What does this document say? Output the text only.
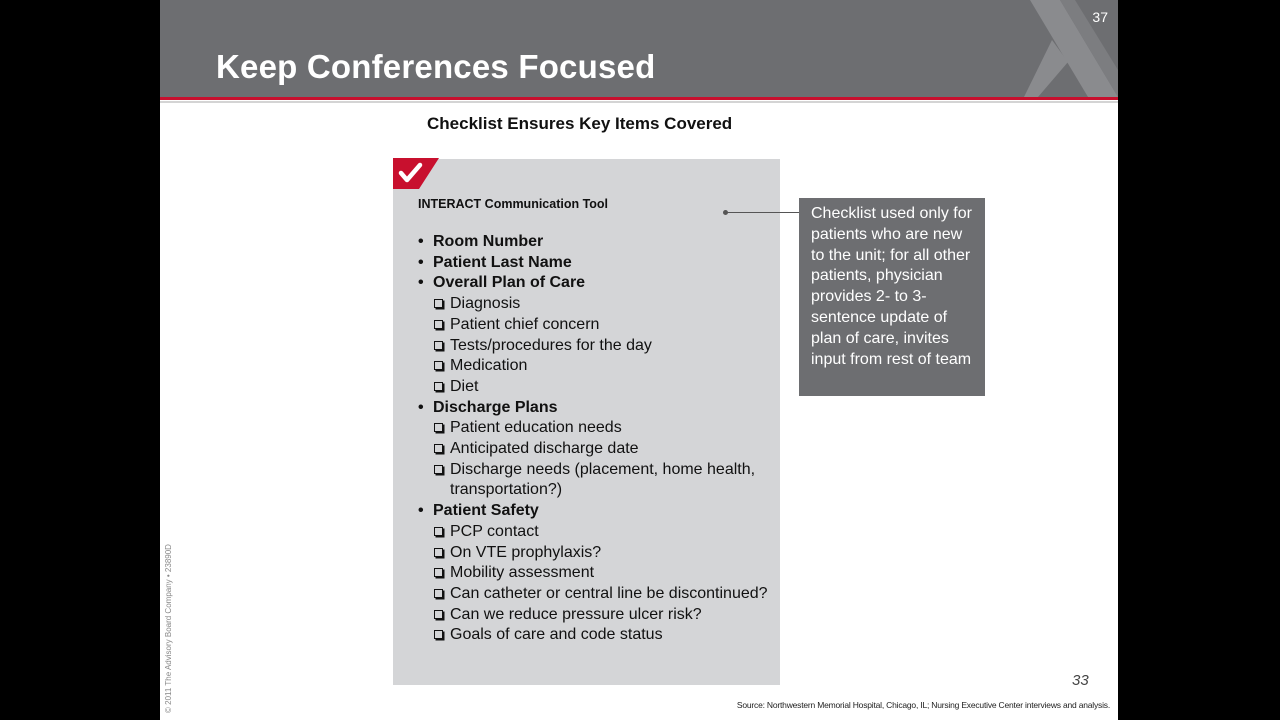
37
Keep Conferences Focused
Checklist Ensures Key Items Covered
INTERACT Communication Tool
• Room Number
• Patient Last Name
• Overall Plan of Care
Diagnosis
Patient chief concern
Tests/procedures for the day
Medication
Diet
• Discharge Plans
Patient education needs
Anticipated discharge date
Discharge needs (placement, home health, transportation?)
• Patient Safety
PCP contact
On VTE prophylaxis?
Mobility assessment
Can catheter or central line be discontinued?
Can we reduce pressure ulcer risk?
Goals of care and code status
Checklist used only for patients who are new to the unit; for all other patients, physician provides 2- to 3- sentence update of plan of care, invites input from rest of team
33
Source: Northwestern Memorial Hospital, Chicago, IL; Nursing Executive Center interviews and analysis.
© 2011 The Advisory Board Company • 23890D
